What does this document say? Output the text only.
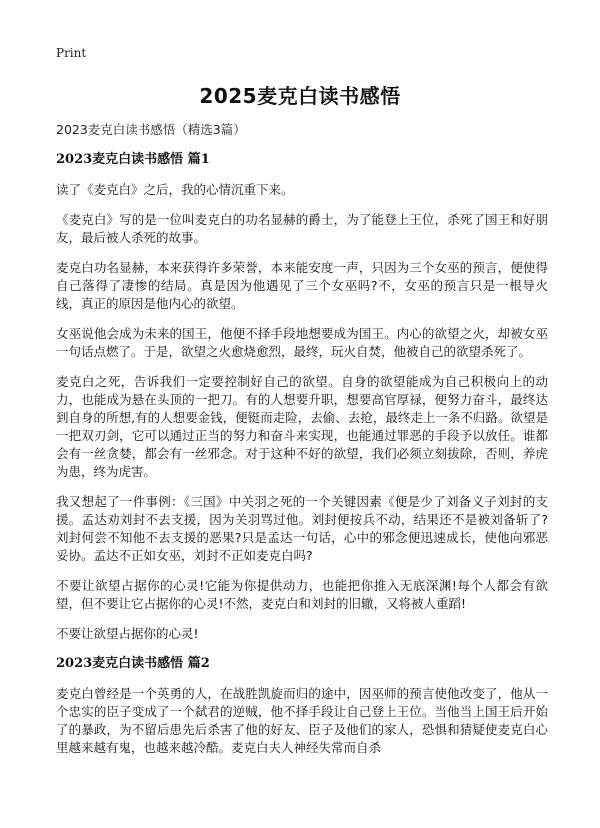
Print
2025麦克白读书感悟

2023麦克白读书感悟（精选3篇）

2023麦克白读书感悟 篇1

读了《麦克白》之后，我的心情沉重下来。

《麦克白》写的是一位叫麦克白的功名显赫的爵士，为了能登上王位，杀死了国王和好朋友，最后被人杀死的故事。

麦克白功名显赫，本来获得许多荣誉，本来能安度一声，只因为三个女巫的预言，便使得自己落得了凄惨的结局。真是因为他遇见了三个女巫吗?不，女巫的预言只是一根导火线，真正的原因是他内心的欲望。

女巫说他会成为未来的国王，他便不择手段地想要成为国王。内心的欲望之火，却被女巫一句话点燃了。于是，欲望之火愈烧愈烈，最终，玩火自焚，他被自己的欲望杀死了。

麦克白之死，告诉我们一定要控制好自己的欲望。自身的欲望能成为自己积极向上的动力，也能成为悬在头顶的一把刀。有的人想要升职，想要高官厚禄，便努力奋斗，最终达到自身的所想,有的人想要金钱，便铤而走险，去偷、去抢，最终走上一条不归路。欲望是一把双刃剑，它可以通过正当的努力和奋斗来实现，也能通过罪恶的手段予以放任。谁都会有一丝贪婪，都会有一丝邪念。对于这种不好的欲望，我们必须立刻拔除，否则，养虎为患，终为虎害。

我又想起了一件事例：《三国》中关羽之死的一个关键因素《便是少了刘备义子刘封的支援。孟达劝刘封不去支援，因为关羽骂过他。刘封便按兵不动，结果还不是被刘备斩了?刘封何尝不知他不去支援的恶果?只是孟达一句话，心中的邪念便迅速成长，使他向邪恶妥协。孟达不正如女巫，刘封不正如麦克白吗?

不要让欲望占据你的心灵!它能为你提供动力，也能把你推入无底深渊!每个人都会有欲望，但不要让它占据你的心灵!不然，麦克白和刘封的旧辙，又将被人重蹈!

不要让欲望占据你的心灵!

2023麦克白读书感悟 篇2

麦克白曾经是一个英勇的人，在战胜凯旋而归的途中，因巫师的预言使他改变了，他从一个忠实的臣子变成了一个弑君的逆贼，他不择手段让自己登上王位。当他当上国王后开始了的暴政，为不留后患先后杀害了他的好友、臣子及他们的家人，恐惧和猜疑使麦克白心里越来越有鬼，也越来越冷酷。麦克白夫人神经失常而自杀
